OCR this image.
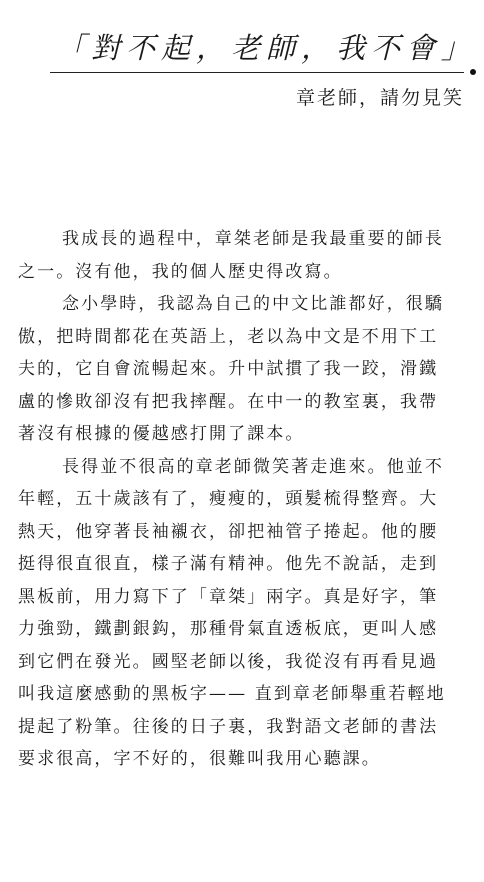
「對不起，老師，我不會」
章老師，請勿見笑
我成長的過程中，章桀老師是我最重要的師長
之一。沒有他，我的個人歷史得改寫。
念小學時，我認為自己的中文比誰都好，很驕
傲，把時間都花在英語上，老以為中文是不用下工
夫的，它自會流暢起來。升中試摜了我一跤，滑鐵
盧的慘敗卻沒有把我摔醒。在中一的教室裏，我帶
著沒有根據的優越感打開了課本。
長得並不很高的章老師微笑著走進來。他並不
年輕，五十歲該有了，瘦瘦的，頭髮梳得整齊。大
熱天，他穿著長袖襯衣，卻把袖管子捲起。他的腰
挺得很直很直，樣子滿有精神。他先不說話，走到
黑板前，用力寫下了「章桀」兩字。真是好字，筆
力強勁，鐵劃銀鈎，那種骨氣直透板底，更叫人感
到它們在發光。國堅老師以後，我從沒有再看見過
叫我這麼感動的黑板字—— 直到章老師舉重若輕地
提起了粉筆。往後的日子裏，我對語文老師的書法
要求很高，字不好的，很難叫我用心聽課。
